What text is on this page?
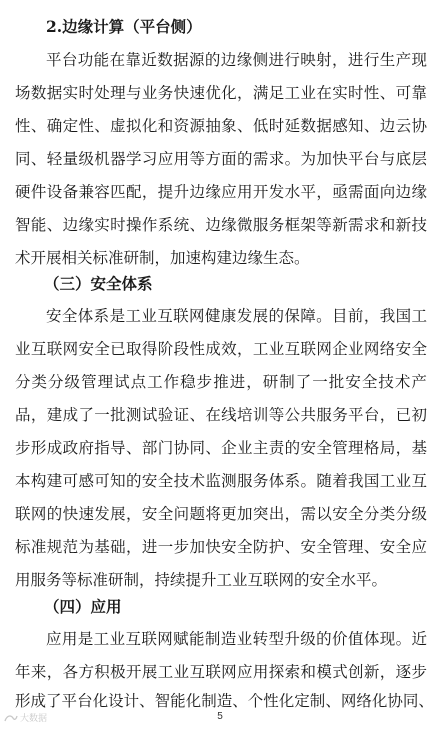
2.边缘计算（平台侧）

平 台 功 能 在 靠 近 数 据 源 的 边 缘 侧 进 行 映 射 ， 进 行 生 产 现

场 数 据 实 时 处 理 与 业 务 快 速 优 化 ， 满 足 工 业 在 实 时 性 、 可 靠

性 、 确 定 性 、 虚 拟 化 和 资 源 抽 象 、 低 时 延 数 据 感 知 、 边 云 协

同 、 轻 量 级 机 器 学 习 应 用 等 方 面 的 需 求 。 为 加 快 平 台 与 底 层

硬 件 设 备 兼 容 匹 配 ， 提 升 边 缘 应 用 开 发 水 平 ， 亟 需 面 向 边 缘

智 能 、 边 缘 实 时 操 作 系 统 、 边 缘 微 服 务 框 架 等 新 需 求 和 新 技

术开展相关标准研制，加速构建边缘生态。

（三）安全体系

安 全 体 系 是 工 业 互 联 网 健 康 发 展 的 保 障 。 目 前 ， 我 国 工

业 互 联 网 安 全 已 取 得 阶 段 性 成 效 ， 工 业 互 联 网 企 业 网 络 安 全

分 类 分 级 管 理 试 点 工 作 稳 步 推 进 ， 研 制 了 一 批 安 全 技 术 产

品 ， 建 成 了 一 批 测 试 验 证 、 在 线 培 训 等 公 共 服 务 平 台 ， 已 初

步 形 成 政 府 指 导 、 部 门 协 同 、 企 业 主 责 的 安 全 管 理 格 局 ， 基

本 构 建 可 感 可 知 的 安 全 技 术 监 测 服 务 体 系 。 随 着 我 国 工 业 互

联 网 的 快 速 发 展 ， 安 全 问 题 将 更 加 突 出 ， 需 以 安 全 分 类 分 级

标 准 规 范 为 基 础 ， 进 一 步 加 快 安 全 防 护 、 安 全 管 理 、 安 全 应

用服务等标准研制，持续提升工业互联网的安全水平。

（四）应用

应 用 是 工 业 互 联 网 赋 能 制 造 业 转 型 升 级 的 价 值 体 现 。 近

年 来 ， 各 方 积 极 开 展 工 业 互 联 网 应 用 探 索 和 模 式 创 新 ， 逐 步

形 成 了 平 台 化 设 计 、 智 能 化 制 造 、 个 性 化 定 制 、 网 络 化 协 同 、

大数据	5
